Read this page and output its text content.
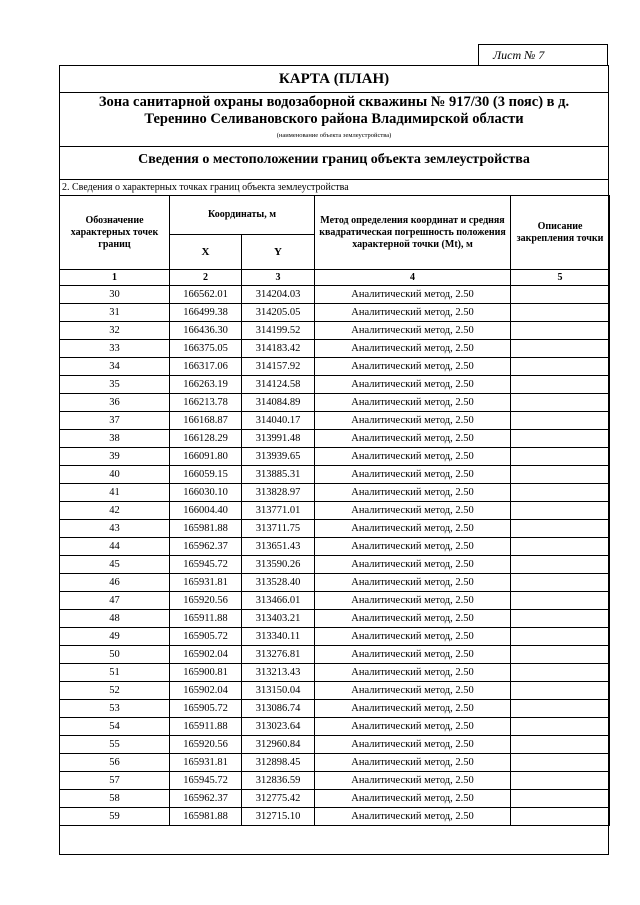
Лист № 7
КАРТА (ПЛАН)
Зона санитарной охраны водозаборной скважины № 917/30 (3 пояс) в д. Теренино Селивановского района Владимирской области
(наименование объекта землеустройства)
Сведения о местоположении границ объекта землеустройства
2. Сведения о характерных точках границ объекта землеустройства
Обозначение характерных точек границ	Координаты, м		Метод определения координат и средняя квадратическая погрешность положения характерной точки (Mt), м	Описание закрепления точки
	X	Y		
1	2	3	4	5
30	166562.01	314204.03	Аналитический метод, 2.50	
31	166499.38	314205.05	Аналитический метод, 2.50	
32	166436.30	314199.52	Аналитический метод, 2.50	
33	166375.05	314183.42	Аналитический метод, 2.50	
34	166317.06	314157.92	Аналитический метод, 2.50	
35	166263.19	314124.58	Аналитический метод, 2.50	
36	166213.78	314084.89	Аналитический метод, 2.50	
37	166168.87	314040.17	Аналитический метод, 2.50	
38	166128.29	313991.48	Аналитический метод, 2.50	
39	166091.80	313939.65	Аналитический метод, 2.50	
40	166059.15	313885.31	Аналитический метод, 2.50	
41	166030.10	313828.97	Аналитический метод, 2.50	
42	166004.40	313771.01	Аналитический метод, 2.50	
43	165981.88	313711.75	Аналитический метод, 2.50	
44	165962.37	313651.43	Аналитический метод, 2.50	
45	165945.72	313590.26	Аналитический метод, 2.50	
46	165931.81	313528.40	Аналитический метод, 2.50	
47	165920.56	313466.01	Аналитический метод, 2.50	
48	165911.88	313403.21	Аналитический метод, 2.50	
49	165905.72	313340.11	Аналитический метод, 2.50	
50	165902.04	313276.81	Аналитический метод, 2.50	
51	165900.81	313213.43	Аналитический метод, 2.50	
52	165902.04	313150.04	Аналитический метод, 2.50	
53	165905.72	313086.74	Аналитический метод, 2.50	
54	165911.88	313023.64	Аналитический метод, 2.50	
55	165920.56	312960.84	Аналитический метод, 2.50	
56	165931.81	312898.45	Аналитический метод, 2.50	
57	165945.72	312836.59	Аналитический метод, 2.50	
58	165962.37	312775.42	Аналитический метод, 2.50	
59	165981.88	312715.10	Аналитический метод, 2.50	
